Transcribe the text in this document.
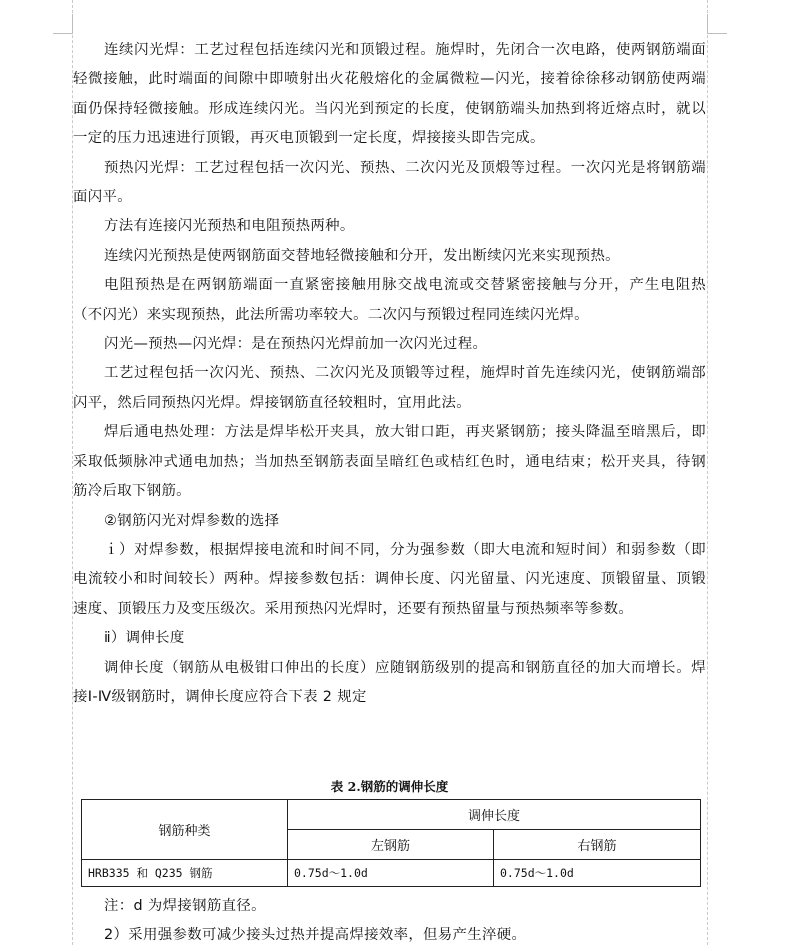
连续闪光焊：工艺过程包括连续闪光和顶锻过程。施焊时，先闭合一次电路，使两钢筋端面轻微接触，此时端面的间隙中即喷射出火花般熔化的金属微粒—闪光，接着徐徐移动钢筋使两端面仍保持轻微接触。形成连续闪光。当闪光到预定的长度，使钢筋端头加热到将近熔点时，就以一定的压力迅速进行顶锻，再灭电顶锻到一定长度，焊接接头即告完成。

预热闪光焊：工艺过程包括一次闪光、预热、二次闪光及顶煅等过程。一次闪光是将钢筋端面闪平。

方法有连接闪光预热和电阻预热两种。

连续闪光预热是使两钢筋面交替地轻微接触和分开，发出断续闪光来实现预热。

电阻预热是在两钢筋端面一直紧密接触用脉交战电流或交替紧密接触与分开，产生电阻热（不闪光）来实现预热，此法所需功率较大。二次闪与预锻过程同连续闪光焊。

闪光—预热—闪光焊：是在预热闪光焊前加一次闪光过程。

工艺过程包括一次闪光、预热、二次闪光及顶锻等过程，施焊时首先连续闪光，使钢筋端部闪平，然后同预热闪光焊。焊接钢筋直径较粗时，宜用此法。

焊后通电热处理：方法是焊毕松开夹具，放大钳口距，再夹紧钢筋；接头降温至暗黑后，即采取低频脉冲式通电加热；当加热至钢筋表面呈暗红色或桔红色时，通电结束；松开夹具，待钢筋冷后取下钢筋。

②钢筋闪光对焊参数的选择

ｉ）对焊参数，根据焊接电流和时间不同，分为强参数（即大电流和短时间）和弱参数（即电流较小和时间较长）两种。焊接参数包括：调伸长度、闪光留量、闪光速度、顶锻留量、顶锻速度、顶锻压力及变压级次。采用预热闪光焊时，还要有预热留量与预热频率等参数。

ⅱ）调伸长度

调伸长度（钢筋从电极钳口伸出的长度）应随钢筋级别的提高和钢筋直径的加大而增长。焊接Ⅰ-Ⅳ级钢筋时，调伸长度应符合下表 2 规定

表 2.钢筋的调伸长度
钢筋种类	调伸长度	
	左钢筋	右钢筋
HRB335 和 Q235 钢筋	0.75d～1.0d	0.75d～1.0d

注：d 为焊接钢筋直径。

2）采用强参数可减少接头过热并提高焊接效率，但易产生淬硬。
